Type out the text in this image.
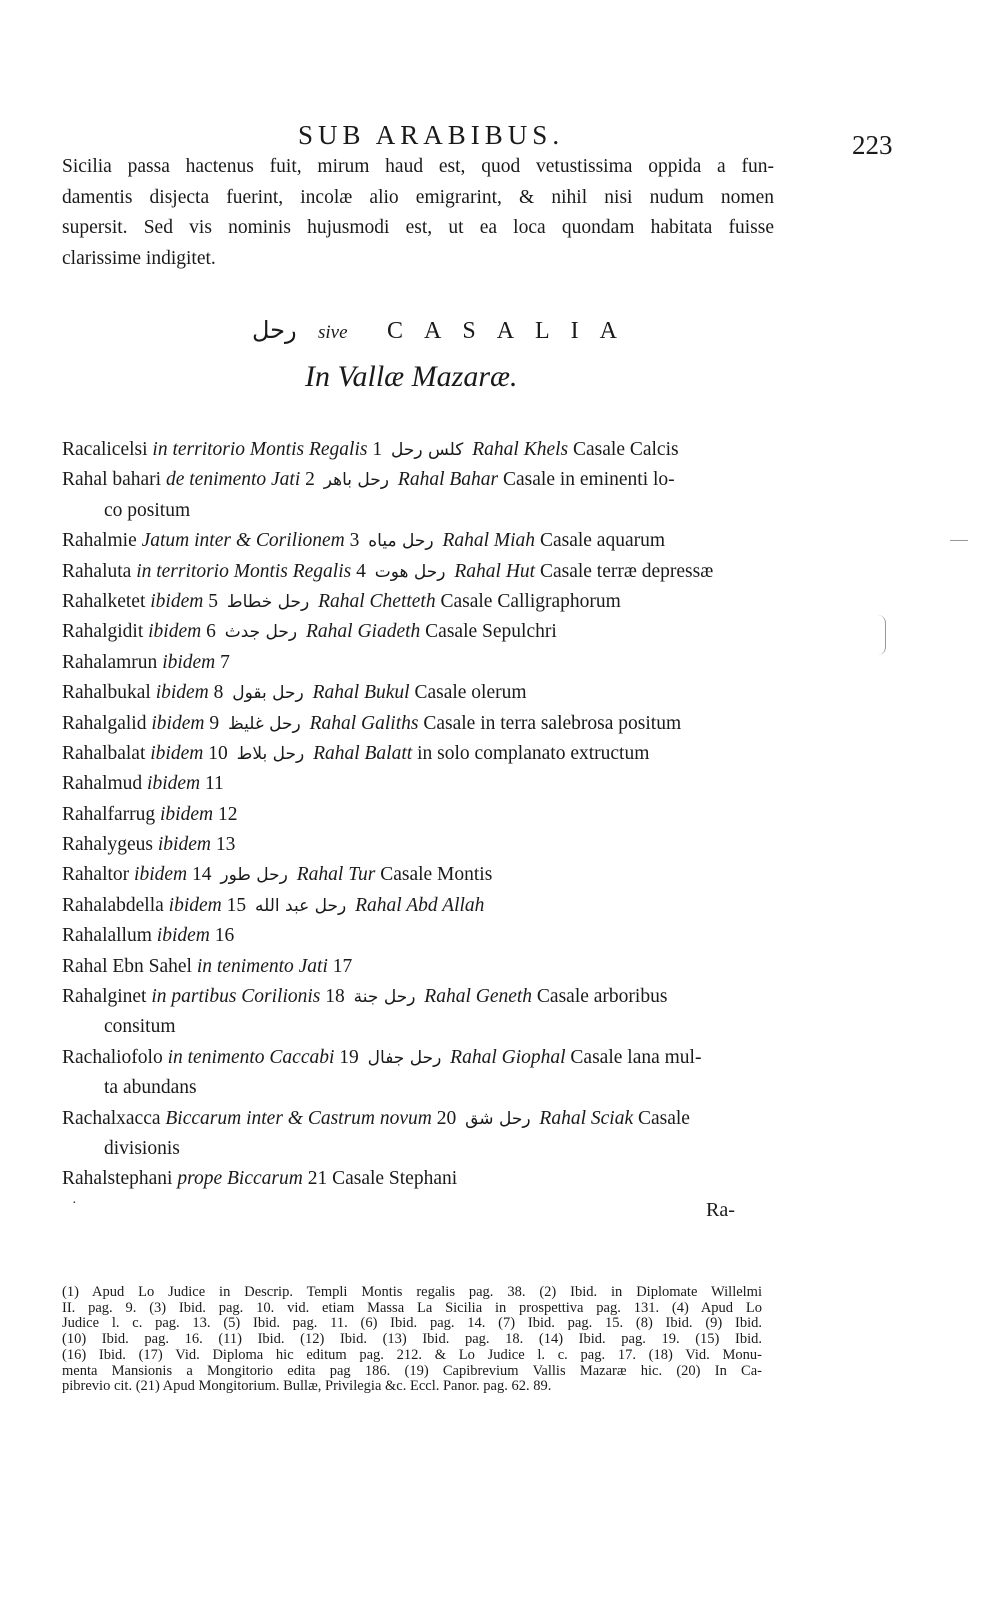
SUB ARABIBUS.	223
Sicilia passa hactenus fuit, mirum haud est, quod vetustissima oppida a fun-
damentis disjecta fuerint, incolæ alio emigrarint, & nihil nisi nudum nomen
supersit. Sed vis nominis hujusmodi est, ut ea loca quondam habitata fuisse
clarissime indigitet.
رحل sive CASALIA
In Vallæ Mazaræ.
Racalicelsi in territorio Montis Regalis 1 كلس رحل Rahal Khels Casale Calcis
Rahal bahari de tenimento Jati 2 رحل باهر Rahal Bahar Casale in eminenti lo-
co positum
Rahalmie Jatum inter & Corilionem 3 رحل مياه Rahal Miah Casale aquarum
Rahaluta in territorio Montis Regalis 4 رحل هوت Rahal Hut Casale terræ depressæ
Rahalketet ibidem 5 رحل خطاط Rahal Chetteth Casale Calligraphorum
Rahalgidit ibidem 6 رحل جدث Rahal Giadeth Casale Sepulchri
Rahalamrun ibidem 7
Rahalbukal ibidem 8 رحل بقول Rahal Bukul Casale olerum
Rahalgalid ibidem 9 رحل غليظ Rahal Galiths Casale in terra salebrosa positum
Rahalbalat ibidem 10 رحل بلاط Rahal Balatt in solo complanato extructum
Rahalmud ibidem 11
Rahalfarrug ibidem 12
Rahalygeus ibidem 13
Rahaltor ibidem 14 رحل طور Rahal Tur Casale Montis
Rahalabdella ibidem 15 رحل عبد الله Rahal Abd Allah
Rahalallum ibidem 16
Rahal Ebn Sahel in tenimento Jati 17
Rahalginet in partibus Corilionis 18 رحل جنة Rahal Geneth Casale arboribus
consitum
Rachaliofolo in tenimento Caccabi 19 رحل جفال Rahal Giophal Casale lana mul-
ta abundans
Rachalxacca Biccarum inter & Castrum novum 20 رحل شق Rahal Sciak Casale
divisionis
Rahalstephani prope Biccarum 21 Casale Stephani
·	Ra-
(1) Apud Lo Judice in Descrip. Templi Montis regalis pag. 38. (2) Ibid. in Diplomate Willelmi
II. pag. 9. (3) Ibid. pag. 10. vid. etiam Massa La Sicilia in prospettiva pag. 131. (4) Apud Lo
Judice l. c. pag. 13. (5) Ibid. pag. 11. (6) Ibid. pag. 14. (7) Ibid. pag. 15. (8) Ibid. (9) Ibid.
(10) Ibid. pag. 16. (11) Ibid. (12) Ibid. (13) Ibid. pag. 18. (14) Ibid. pag. 19. (15) Ibid.
(16) Ibid. (17) Vid. Diploma hic editum pag. 212. & Lo Judice l. c. pag. 17. (18) Vid. Monu-
menta Mansionis a Mongitorio edita pag 186. (19) Capibrevium Vallis Mazaræ hic. (20) In Ca-
pibrevio cit. (21) Apud Mongitorium. Bullæ, Privilegia &c. Eccl. Panor. pag. 62. 89.
